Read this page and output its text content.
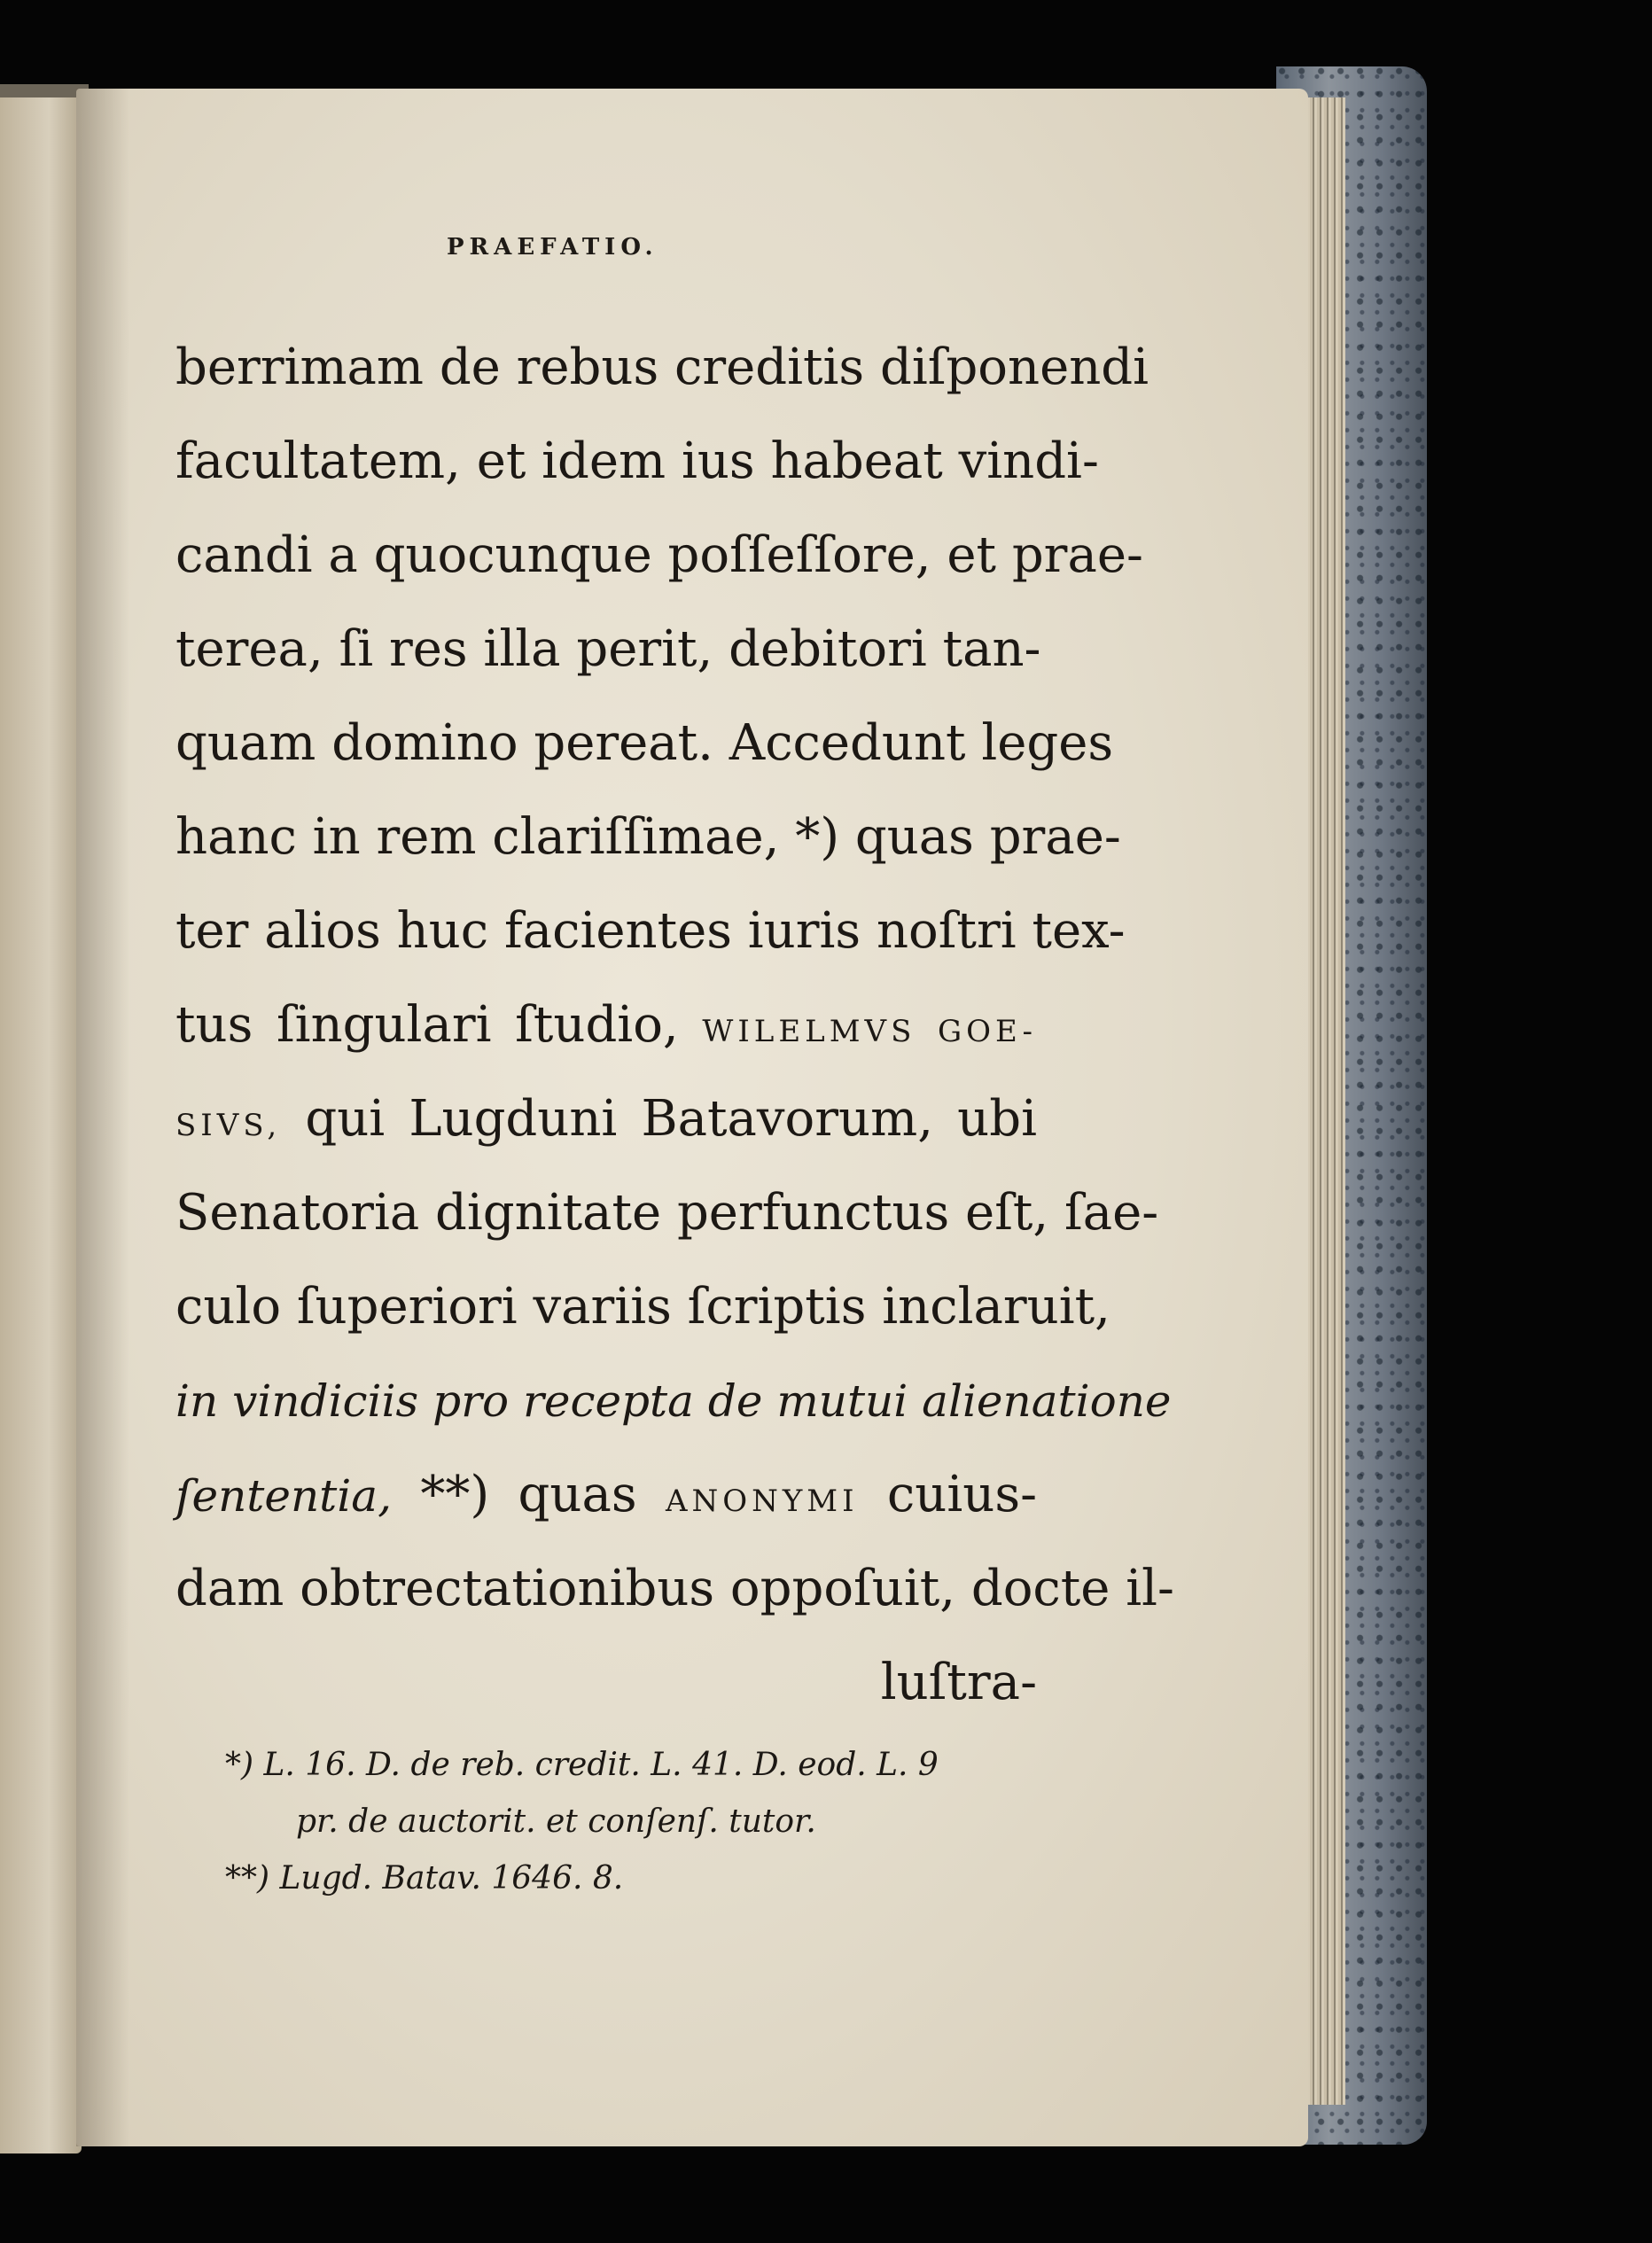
PRAEFATIO.
berrimam de rebus creditis diſponendi
facultatem, et idem ius habeat vindi-
candi a quocunque poſſeſſore, et prae-
terea, ſi res illa perit, debitori tan-
quam domino pereat. Accedunt leges
hanc in rem clariſſimae, *) quas prae-
ter alios huc facientes iuris noſtri tex-
tus ſingulari ſtudio, WILELMVS GOE-
SIVS, qui Lugduni Batavorum, ubi
Senatoria dignitate perfunctus eſt, ſae-
culo ſuperiori variis ſcriptis inclaruit,
in vindiciis pro recepta de mutui alienatione
ſententia, **) quas ANONYMI cuius-
dam obtrectationibus oppoſuit, docte il-
luſtra-
*) L. 16. D. de reb. credit. L. 41. D. eod. L. 9
pr. de auctorit. et conſenſ. tutor.
**) Lugd. Batav. 1646. 8.
